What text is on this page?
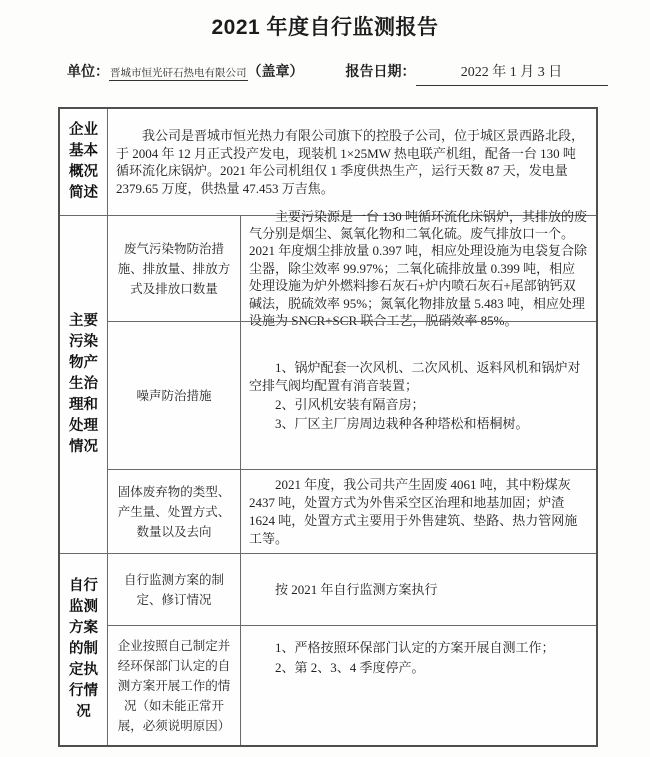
2021 年度自行监测报告
单位：晋城市恒光矸石热电有限公司（盖章）	报告日期：	2022 年 1 月 3 日
企业基本概况简述

我公司是晋城市恒光热力有限公司旗下的控股子公司，位于城区景西路北段，于 2004 年 12 月正式投产发电，现装机 1×25MW 热电联产机组，配备一台 130 吨循环流化床锅炉。2021 年公司机组仅 1 季度供热生产，运行天数 87 天，发电量 2379.65 万度，供热量 47.453 万吉焦。

主要污染物产生治理和处理情况
废气污染物防治措施、排放量、排放方式及排放口数量

主要污染源是一台 130 吨循环流化床锅炉，其排放的废气分别是烟尘、氮氧化物和二氧化硫。废气排放口一个。2021 年度烟尘排放量 0.397 吨，相应处理设施为电袋复合除尘器，除尘效率 99.97%；二氧化硫排放量 0.399 吨，相应处理设施为炉外燃料掺石灰石+炉内喷石灰石+尾部钠钙双碱法，脱硫效率 95%；氮氧化物排放量 5.483 吨，相应处理设施为 SNCR+SCR 联合工艺，脱硝效率 85%。

噪声防治措施

1、锅炉配套一次风机、二次风机、返料风机和锅炉对空排气阀均配置有消音装置；

2、引风机安装有隔音房；

3、厂区主厂房周边栽种各种塔松和梧桐树。

固体废弃物的类型、产生量、处置方式、数量以及去向

2021 年度，我公司共产生固废 4061 吨，其中粉煤灰 2437 吨，处置方式为外售采空区治理和地基加固；炉渣 1624 吨，处置方式主要用于外售建筑、垫路、热力管网施工等。

自行监测方案的制定执行情况
自行监测方案的制定、修订情况

按 2021 年自行监测方案执行

企业按照自己制定并经环保部门认定的自测方案开展工作的情况（如未能正常开展，必须说明原因）

1、严格按照环保部门认定的方案开展自测工作；

2、第 2、3、4 季度停产。
